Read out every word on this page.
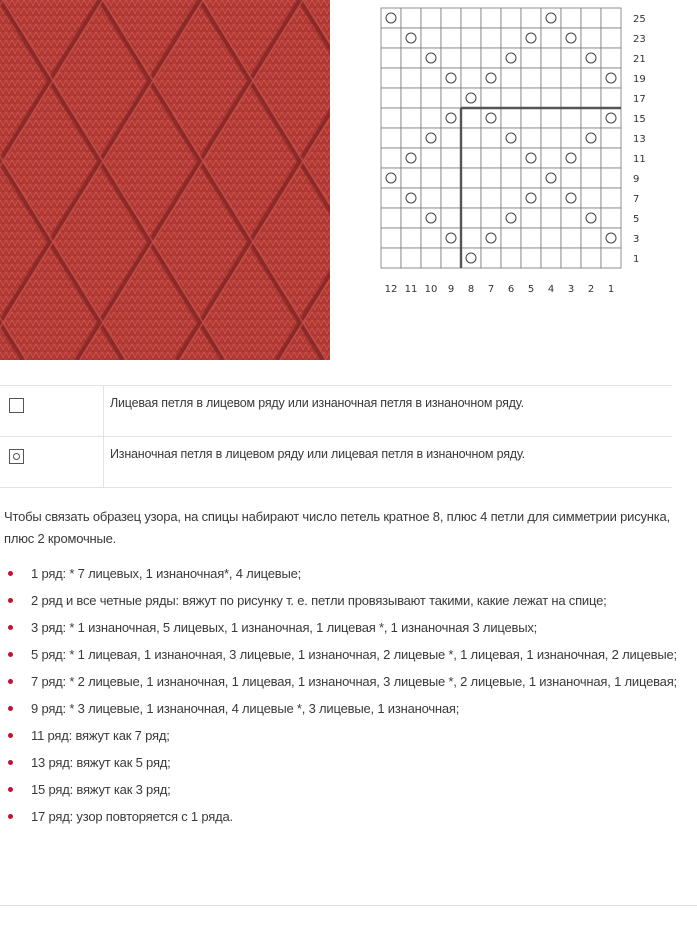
25
23
21
19
17
15
13
11
9
7
5
3
1
12 11 10 9 8 7 6 5 4 3 2 1
Лицевая петля в лицевом ряду или изнаночная петля в изнаночном ряду.
Изнаночная петля в лицевом ряду или лицевая петля в изнаночном ряду.

Чтобы связать образец узора, на спицы набирают число петель кратное 8, плюс 4 петли для симметрии рисунка, плюс 2 кромочные.

1 ряд: * 7 лицевых, 1 изнаночная*, 4 лицевые;
2 ряд и все четные ряды: вяжут по рисунку т. е. петли провязывают такими, какие лежат на спице;
3 ряд: * 1 изнаночная, 5 лицевых, 1 изнаночная, 1 лицевая *, 1 изнаночная 3 лицевых;
5 ряд: * 1 лицевая, 1 изнаночная, 3 лицевые, 1 изнаночная, 2 лицевые *, 1 лицевая, 1 изнаночная, 2 лицевые;
7 ряд: * 2 лицевые, 1 изнаночная, 1 лицевая, 1 изнаночная, 3 лицевые *, 2 лицевые, 1 изнаночная, 1 лицевая;
9 ряд: * 3 лицевые, 1 изнаночная, 4 лицевые *, 3 лицевые, 1 изнаночная;
11 ряд: вяжут как 7 ряд;
13 ряд: вяжут как 5 ряд;
15 ряд: вяжут как 3 ряд;
17 ряд: узор повторяется с 1 ряда.
